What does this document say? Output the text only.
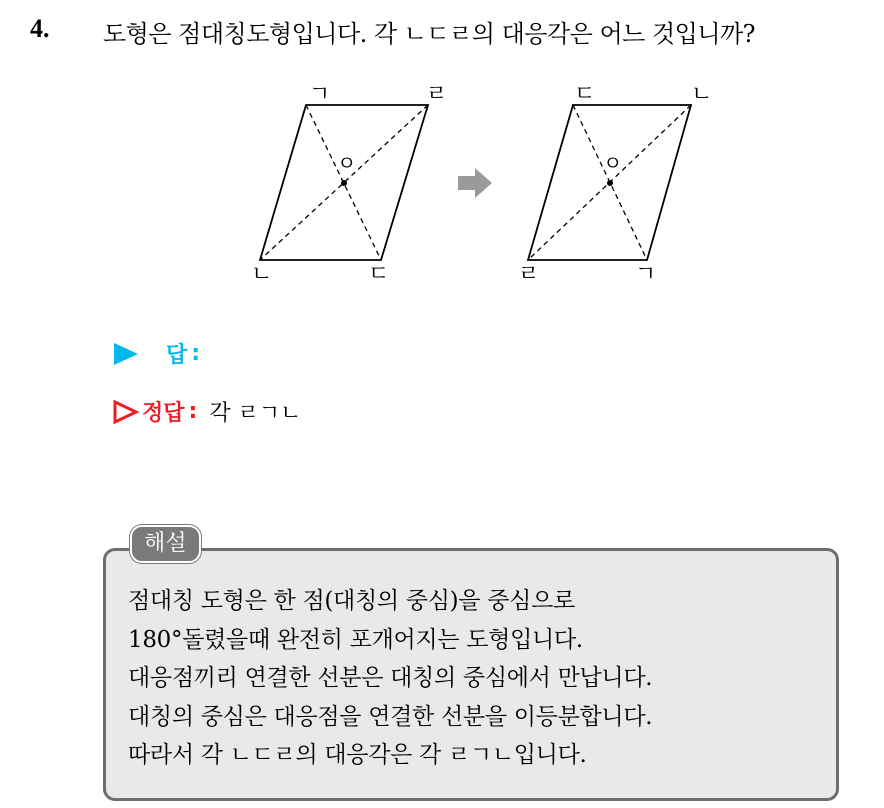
4. 도형은 점대칭도형입니다. 각 ㄴㄷㄹ의 대응각은 어느 것입니까?
ㄱ	ㄹ
ㄴ	ㄷ
ㅇ
ㄷ	ㄴ
ㄹ	ㄱ
ㅇ
답 :
정답 : 각 ㄹㄱㄴ
해설
점대칭 도형은 한 점(대칭의 중심)을 중심으로
180°돌렸을때 완전히 포개어지는 도형입니다.
대응점끼리 연결한 선분은 대칭의 중심에서 만납니다.
대칭의 중심은 대응점을 연결한 선분을 이등분합니다.
따라서 각 ㄴㄷㄹ의 대응각은 각 ㄹㄱㄴ입니다.
